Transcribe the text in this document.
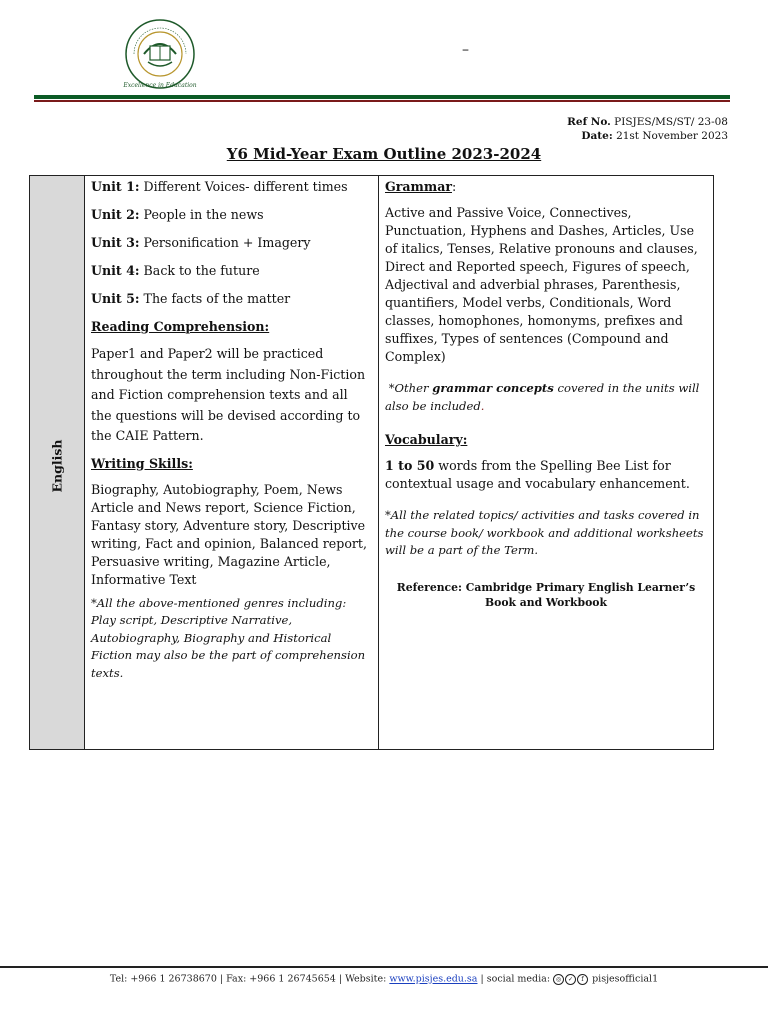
Excellence in Education
–
Ref No. PISJES/MS/ST/ 23-08
Date: 21st November 2023
Y6 Mid-Year Exam Outline 2023-2024
English

Unit 1: Different Voices- different times

Unit 2: People in the news

Unit 3: Personification + Imagery

Unit 4: Back to the future

Unit 5: The facts of the matter

Reading Comprehension:

Paper1 and Paper2 will be practiced throughout the term including Non-Fiction and Fiction comprehension texts and all the questions will be devised according to the CAIE Pattern.

Writing Skills:

Biography, Autobiography, Poem, News Article and News report, Science Fiction, Fantasy story, Adventure story, Descriptive writing, Fact and opinion, Balanced report, Persuasive writing, Magazine Article, Informative Text

*All the above-mentioned genres including: Play script, Descriptive Narrative, Autobiography, Biography and Historical Fiction may also be the part of comprehension texts.

Grammar:

Active and Passive Voice, Connectives, Punctuation, Hyphens and Dashes, Articles, Use of italics, Tenses, Relative pronouns and clauses, Direct and Reported speech, Figures of speech, Adjectival and adverbial phrases, Parenthesis, quantifiers, Model verbs, Conditionals, Word classes, homophones, homonyms, prefixes and suffixes, Types of sentences (Compound and Complex)

*Other grammar concepts covered in the units will also be included.

Vocabulary:

1 to 50 words from the Spelling Bee List for contextual usage and vocabulary enhancement.

*All the related topics/ activities and tasks covered in the course book/ workbook and additional worksheets will be a part of the Term.

Reference: Cambridge Primary English Learner’s Book and Workbook

Tel: +966 1 26738670 | Fax: +966 1 26745654 | Website: www.pisjes.edu.sa | social media: ◎ ✓ f pisjesofficial1
